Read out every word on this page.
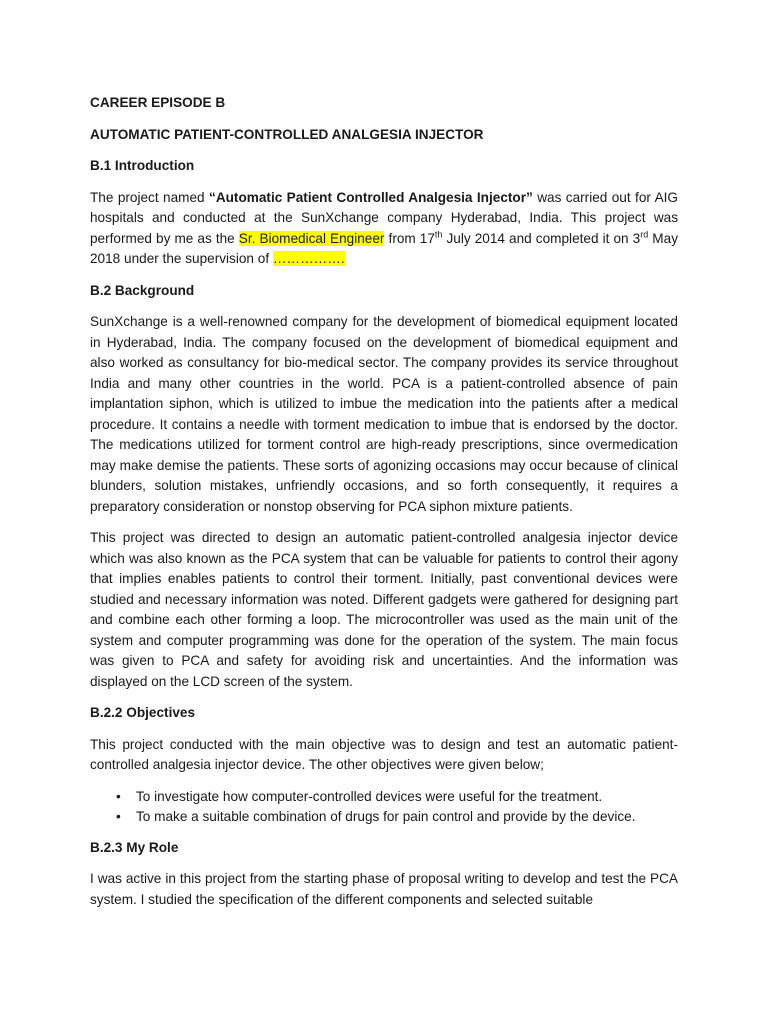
CAREER EPISODE B
AUTOMATIC PATIENT-CONTROLLED ANALGESIA INJECTOR
B.1 Introduction

The project named “Automatic Patient Controlled Analgesia Injector” was carried out for AIG hospitals and conducted at the SunXchange company Hyderabad, India. This project was performed by me as the Sr. Biomedical Engineer from 17th July 2014 and completed it on 3rd May 2018 under the supervision of …………….

B.2 Background

SunXchange is a well-renowned company for the development of biomedical equipment located in Hyderabad, India. The company focused on the development of biomedical equipment and also worked as consultancy for bio-medical sector. The company provides its service throughout India and many other countries in the world. PCA is a patient-controlled absence of pain implantation siphon, which is utilized to imbue the medication into the patients after a medical procedure. It contains a needle with torment medication to imbue that is endorsed by the doctor. The medications utilized for torment control are high-ready prescriptions, since overmedication may make demise the patients. These sorts of agonizing occasions may occur because of clinical blunders, solution mistakes, unfriendly occasions, and so forth consequently, it requires a preparatory consideration or nonstop observing for PCA siphon mixture patients.

This project was directed to design an automatic patient-controlled analgesia injector device which was also known as the PCA system that can be valuable for patients to control their agony that implies enables patients to control their torment. Initially, past conventional devices were studied and necessary information was noted. Different gadgets were gathered for designing part and combine each other forming a loop. The microcontroller was used as the main unit of the system and computer programming was done for the operation of the system. The main focus was given to PCA and safety for avoiding risk and uncertainties. And the information was displayed on the LCD screen of the system.

B.2.2 Objectives

This project conducted with the main objective was to design and test an automatic patient-controlled analgesia injector device. The other objectives were given below;

• To investigate how computer-controlled devices were useful for the treatment.
• To make a suitable combination of drugs for pain control and provide by the device.
B.2.3 My Role

I was active in this project from the starting phase of proposal writing to develop and test the PCA system. I studied the specification of the different components and selected suitable
